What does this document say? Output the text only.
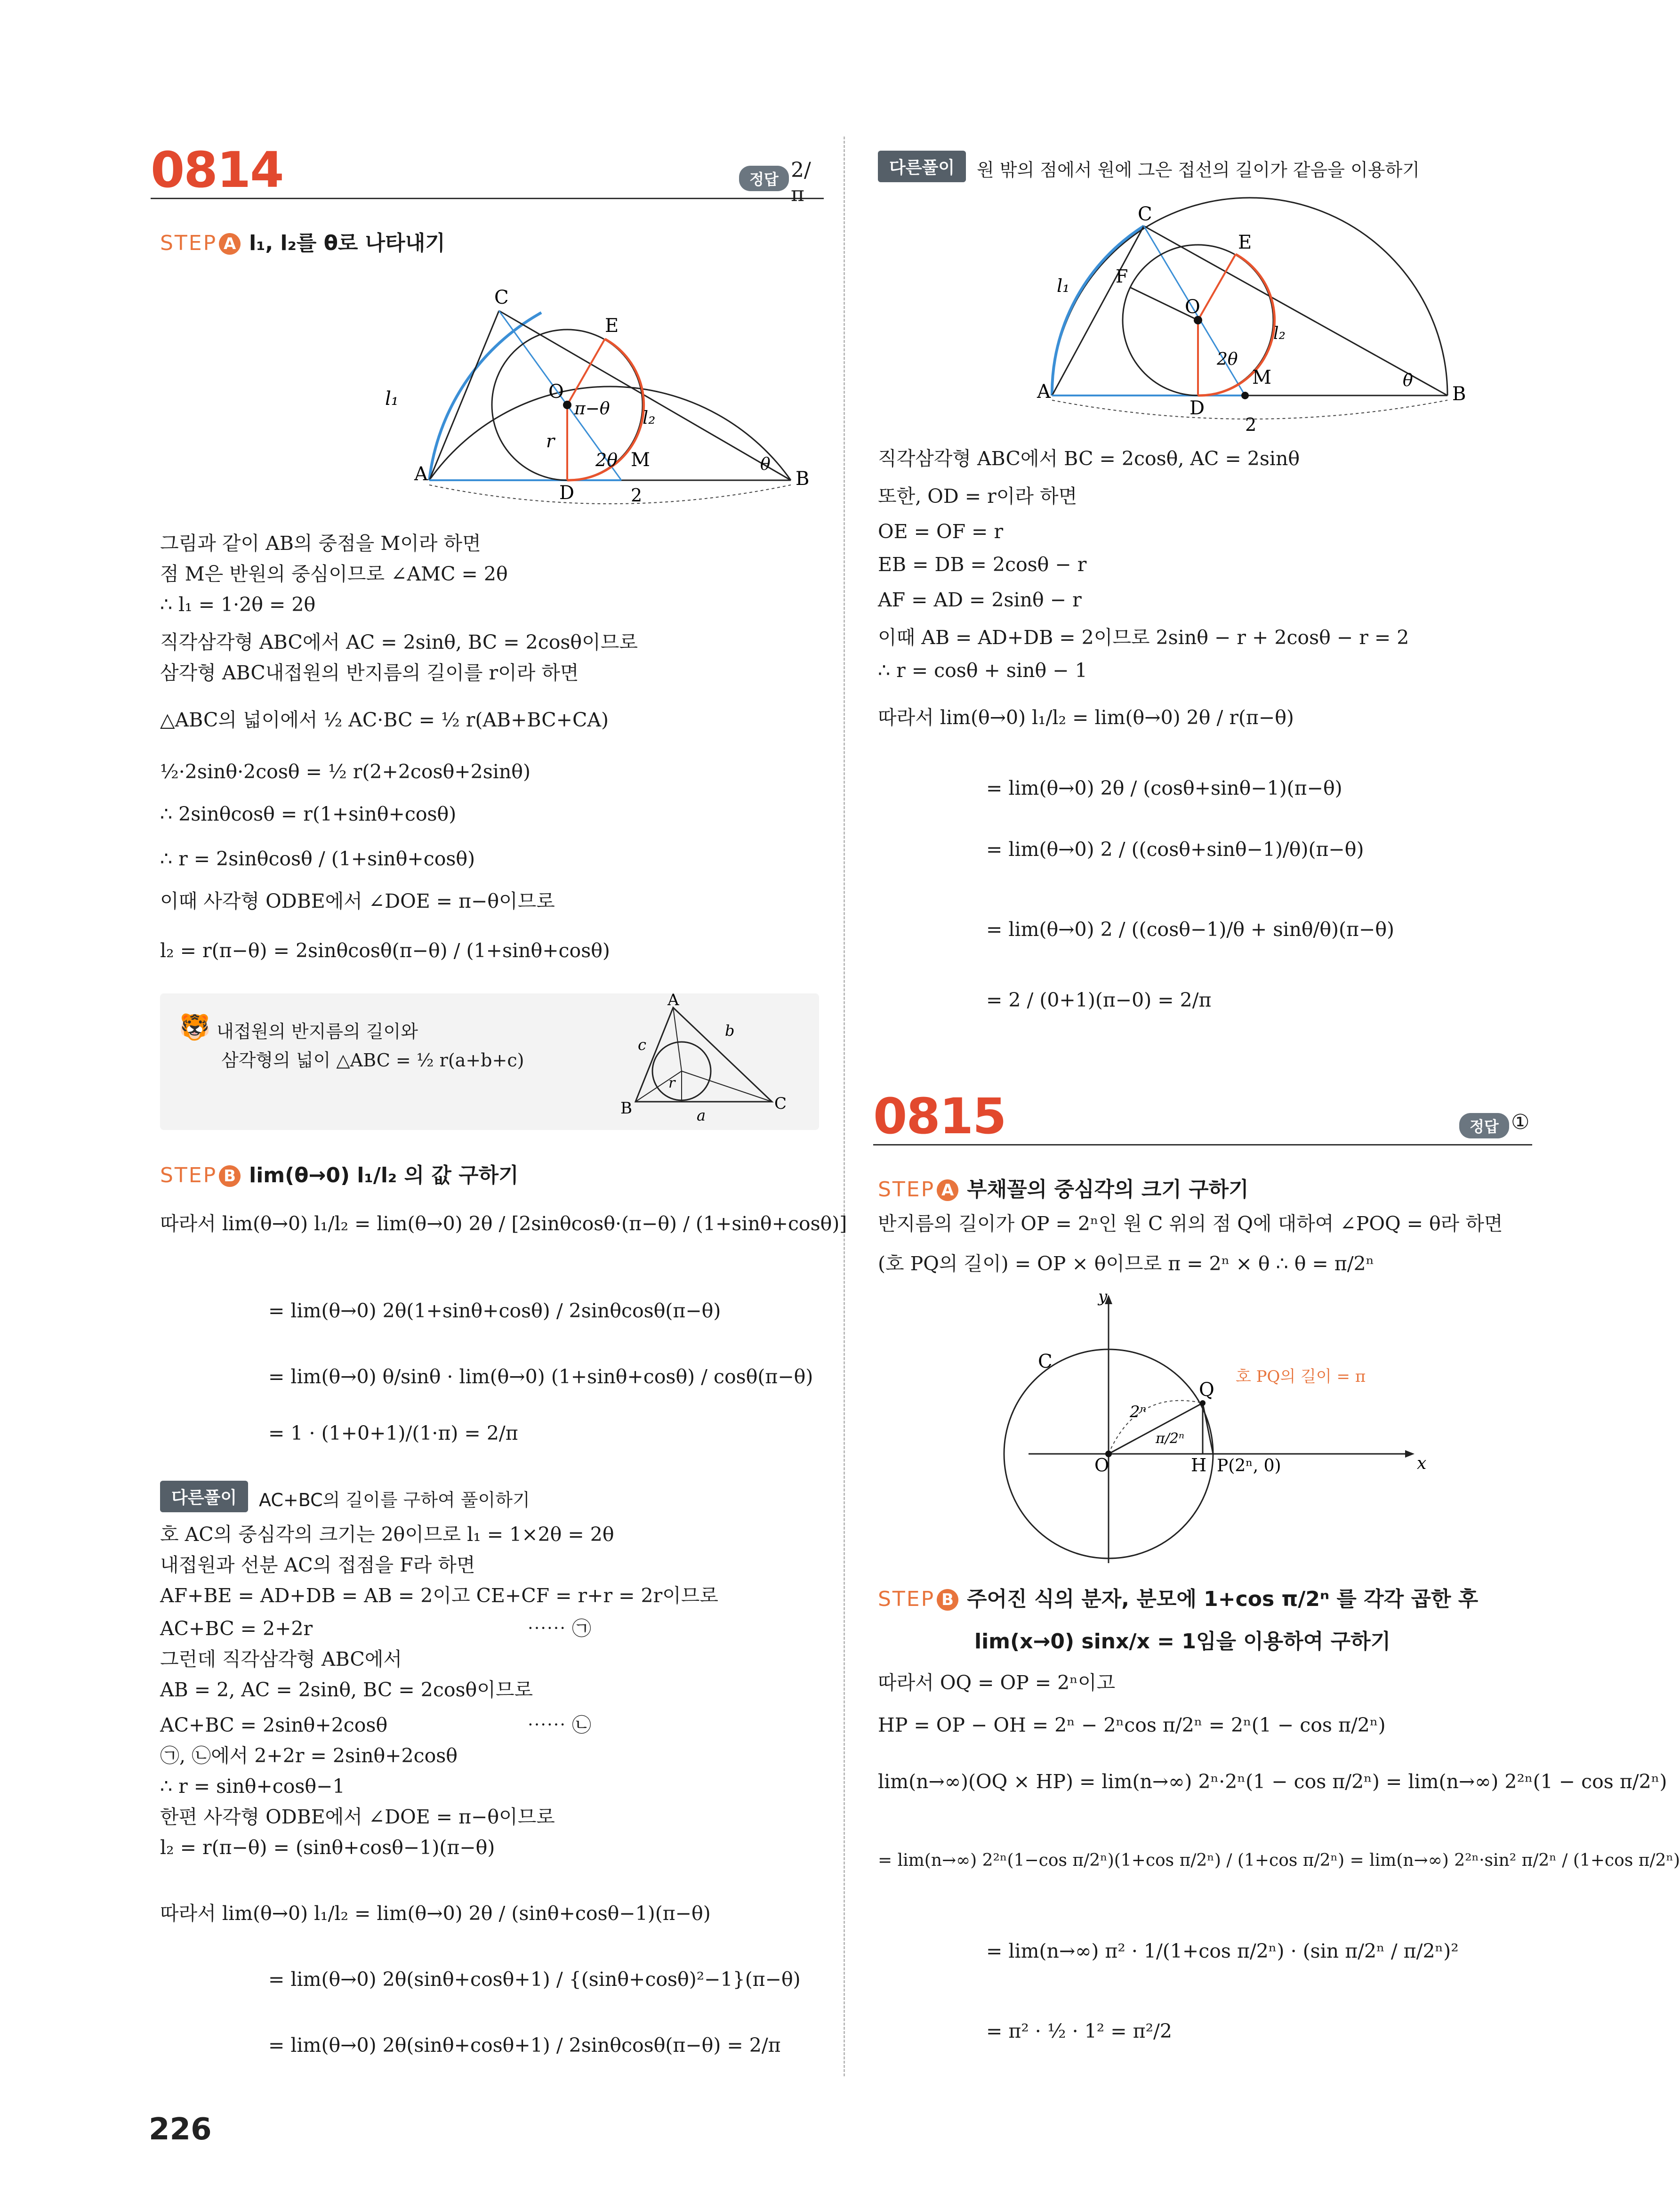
0814	정답 2/π
STEP A l₁, l₂를 θ로 나타내기
C
E
l₁	O
π−θ l₂
r
A
D
2θ M	θ
B
2
그림과 같이 AB의 중점을 M이라 하면
점 M은 반원의 중심이므로 ∠AMC = 2θ
∴ l₁ = 1·2θ = 2θ
직각삼각형 ABC에서 AC = 2sinθ, BC = 2cosθ이므로
삼각형 ABC내접원의 반지름의 길이를 r이라 하면
△ABC의 넓이에서 ½ AC·BC = ½ r(AB+BC+CA)
½·2sinθ·2cosθ = ½ r(2+2cosθ+2sinθ)
∴ 2sinθcosθ = r(1+sinθ+cosθ)
∴ r = 2sinθcosθ / (1+sinθ+cosθ)
이때 사각형 ODBE에서 ∠DOE = π−θ이므로
l₂ = r(π−θ) = 2sinθcosθ(π−θ) / (1+sinθ+cosθ)
🐯 내접원의 반지름의 길이와
삼각형의 넓이 △ABC = ½ r(a+b+c)
A
B	C
a
b
c
r
STEP B lim(θ→0) l₁/l₂ 의 값 구하기
따라서 lim(θ→0) l₁/l₂ = lim(θ→0) 2θ / [2sinθcosθ·(π−θ) / (1+sinθ+cosθ)]
= lim(θ→0) 2θ(1+sinθ+cosθ) / 2sinθcosθ(π−θ)
= lim(θ→0) θ/sinθ · lim(θ→0) (1+sinθ+cosθ) / cosθ(π−θ)
= 1 · (1+0+1)/(1·π) = 2/π
다른풀이	AC+BC의 길이를 구하여 풀이하기
호 AC의 중심각의 크기는 2θ이므로 l₁ = 1×2θ = 2θ
내접원과 선분 AC의 접점을 F라 하면
AF+BE = AD+DB = AB = 2이고 CE+CF = r+r = 2r이므로
AC+BC = 2+2r	⋯⋯ ㉠
그런데 직각삼각형 ABC에서
AB = 2, AC = 2sinθ, BC = 2cosθ이므로
AC+BC = 2sinθ+2cosθ	⋯⋯ ㉡
㉠, ㉡에서 2+2r = 2sinθ+2cosθ
∴ r = sinθ+cosθ−1
한편 사각형 ODBE에서 ∠DOE = π−θ이므로
l₂ = r(π−θ) = (sinθ+cosθ−1)(π−θ)
따라서 lim(θ→0) l₁/l₂ = lim(θ→0) 2θ / (sinθ+cosθ−1)(π−θ)
= lim(θ→0) 2θ(sinθ+cosθ+1) / {(sinθ+cosθ)²−1}(π−θ)
= lim(θ→0) 2θ(sinθ+cosθ+1) / 2sinθcosθ(π−θ) = 2/π
다른풀이	원 밖의 점에서 원에 그은 접선의 길이가 같음을 이용하기
C
E
F
l₁
O
l₂
2θ
M	θ
A
D
B
2
직각삼각형 ABC에서 BC = 2cosθ, AC = 2sinθ
또한, OD = r이라 하면
OE = OF = r
EB = DB = 2cosθ − r
AF = AD = 2sinθ − r
이때 AB = AD+DB = 2이므로 2sinθ − r + 2cosθ − r = 2
∴ r = cosθ + sinθ − 1
따라서 lim(θ→0) l₁/l₂ = lim(θ→0) 2θ / r(π−θ)
= lim(θ→0) 2θ / (cosθ+sinθ−1)(π−θ)
= lim(θ→0) 2 / ((cosθ+sinθ−1)/θ)(π−θ)
= lim(θ→0) 2 / ((cosθ−1)/θ + sinθ/θ)(π−θ)
= 2 / (0+1)(π−0) = 2/π
0815	정답 ①
STEP A 부채꼴의 중심각의 크기 구하기
반지름의 길이가 OP = 2ⁿ인 원 C 위의 점 Q에 대하여 ∠POQ = θ라 하면
(호 PQ의 길이) = OP × θ이므로 π = 2ⁿ × θ ∴ θ = π/2ⁿ
y
C
Q
호 PQ의 길이 = π
2ⁿ
π/2ⁿ
O	H P(2ⁿ, 0)	x
STEP B 주어진 식의 분자, 분모에 1+cos π/2ⁿ 를 각각 곱한 후
lim(x→0) sinx/x = 1임을 이용하여 구하기
따라서 OQ = OP = 2ⁿ이고
HP = OP − OH = 2ⁿ − 2ⁿcos π/2ⁿ = 2ⁿ(1 − cos π/2ⁿ)
lim(n→∞)(OQ × HP) = lim(n→∞) 2ⁿ·2ⁿ(1 − cos π/2ⁿ) = lim(n→∞) 2²ⁿ(1 − cos π/2ⁿ)
= lim(n→∞) 2²ⁿ(1−cos π/2ⁿ)(1+cos π/2ⁿ) / (1+cos π/2ⁿ) = lim(n→∞) 2²ⁿ·sin² π/2ⁿ / (1+cos π/2ⁿ)
= lim(n→∞) π² · 1/(1+cos π/2ⁿ) · (sin π/2ⁿ / π/2ⁿ)²
= π² · ½ · 1² = π²/2
226
